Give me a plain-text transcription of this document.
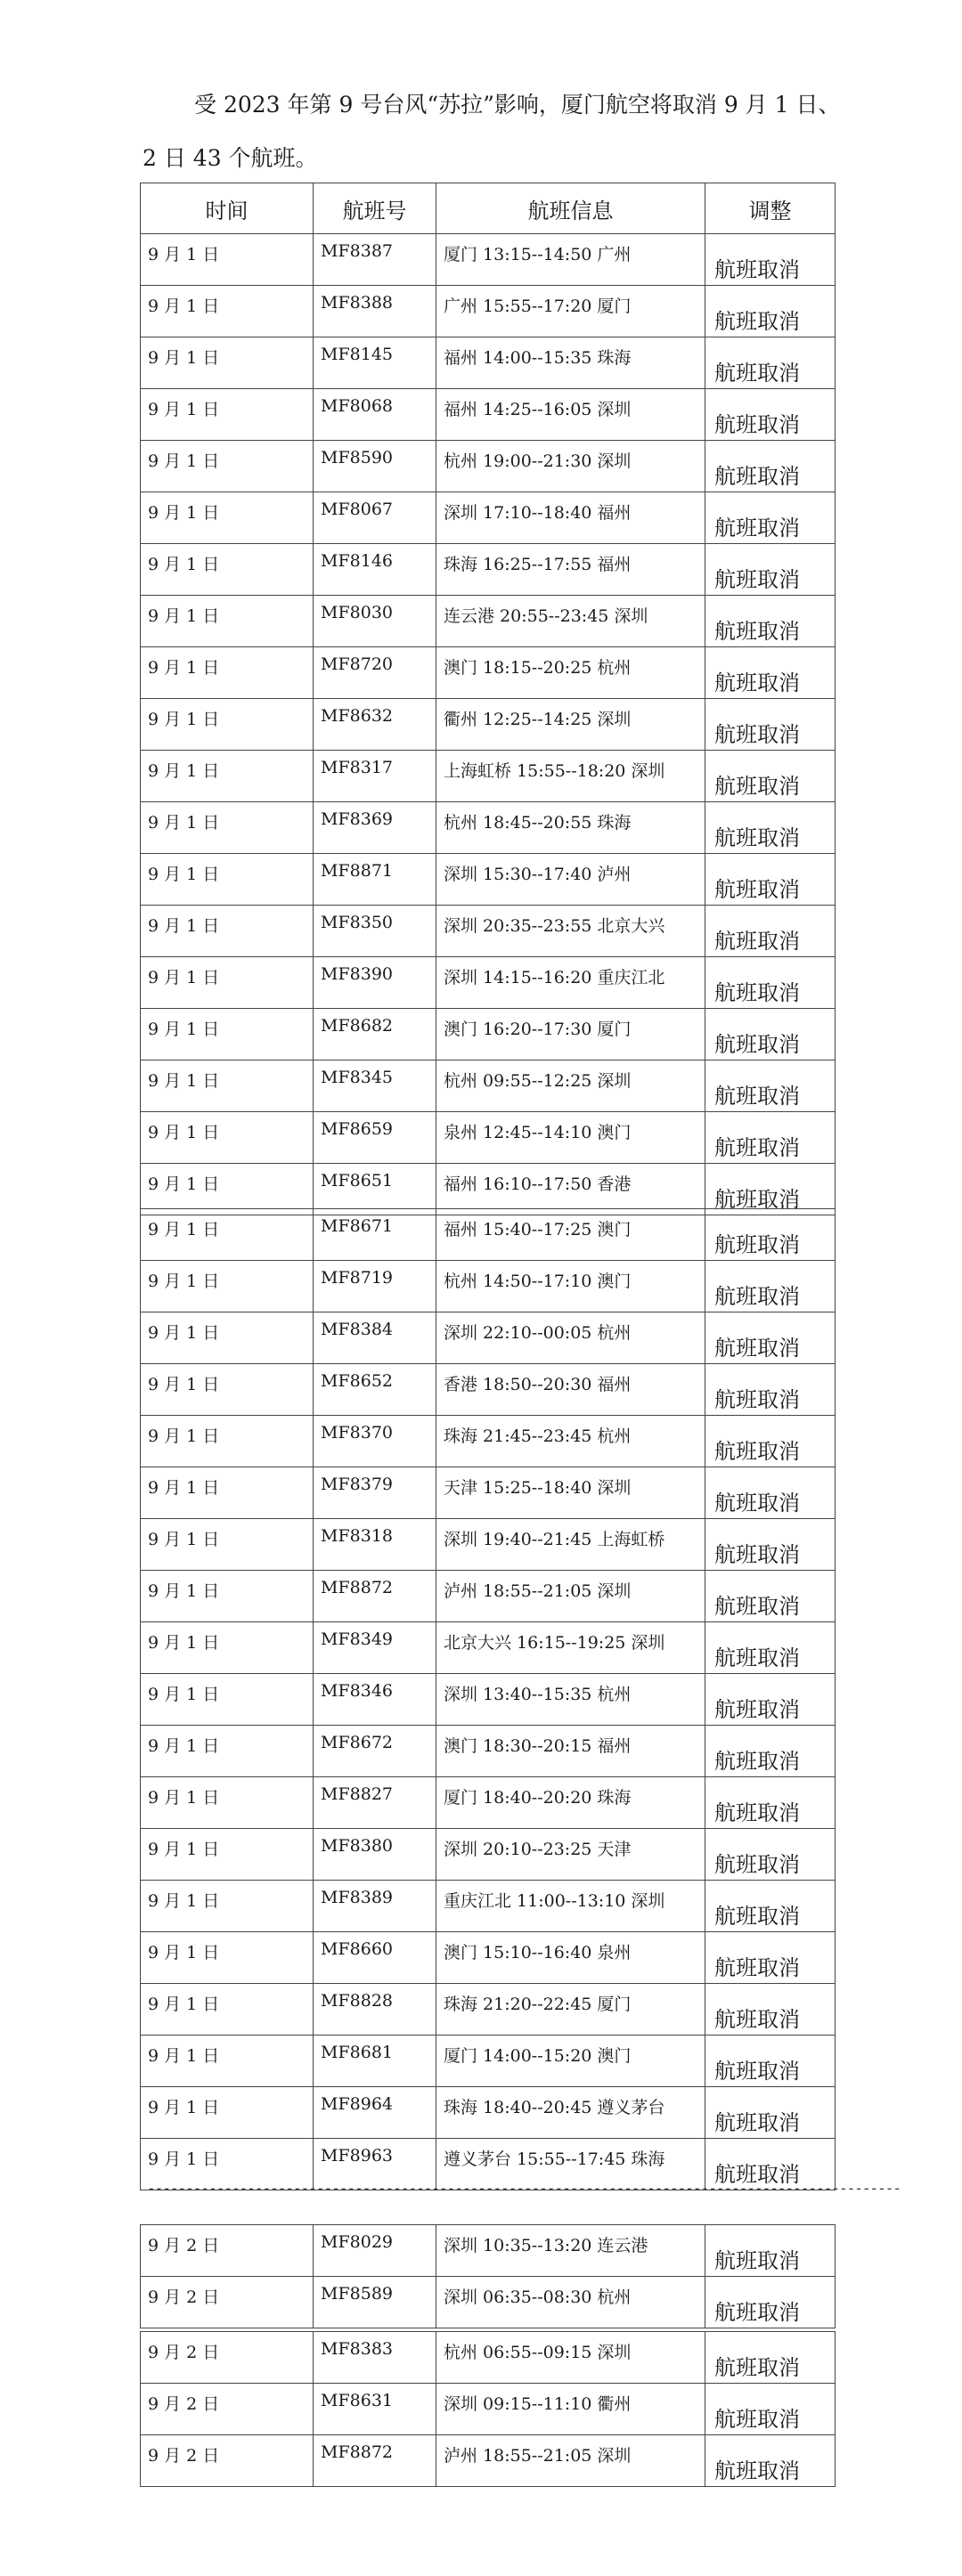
受 2023 年第 9 号台风“苏拉”影响，厦门航空将取消 9 月 1 日、
2 日 43 个航班。
时间	航班号	航班信息	调整

9 月 1 日	MF8387	厦门 13:15--14:50 广州	航班取消

9 月 1 日	MF8388	广州 15:55--17:20 厦门	航班取消

9 月 1 日	MF8145	福州 14:00--15:35 珠海	航班取消

9 月 1 日	MF8068	福州 14:25--16:05 深圳	航班取消

9 月 1 日	MF8590	杭州 19:00--21:30 深圳	航班取消

9 月 1 日	MF8067	深圳 17:10--18:40 福州	航班取消

9 月 1 日	MF8146	珠海 16:25--17:55 福州	航班取消

9 月 1 日	MF8030	连云港 20:55--23:45 深圳	航班取消

9 月 1 日	MF8720	澳门 18:15--20:25 杭州	航班取消

9 月 1 日	MF8632	衢州 12:25--14:25 深圳	航班取消

9 月 1 日	MF8317	上海虹桥 15:55--18:20 深圳	航班取消

9 月 1 日	MF8369	杭州 18:45--20:55 珠海	航班取消

9 月 1 日	MF8871	深圳 15:30--17:40 泸州	航班取消

9 月 1 日	MF8350	深圳 20:35--23:55 北京大兴	航班取消

9 月 1 日	MF8390	深圳 14:15--16:20 重庆江北	航班取消

9 月 1 日	MF8682	澳门 16:20--17:30 厦门	航班取消

9 月 1 日	MF8345	杭州 09:55--12:25 深圳	航班取消

9 月 1 日	MF8659	泉州 12:45--14:10 澳门	航班取消

9 月 1 日	MF8651	福州 16:10--17:50 香港	航班取消
9 月 1 日	MF8671	福州 15:40--17:25 澳门	航班取消

9 月 1 日	MF8719	杭州 14:50--17:10 澳门	航班取消

9 月 1 日	MF8384	深圳 22:10--00:05 杭州	航班取消

9 月 1 日	MF8652	香港 18:50--20:30 福州	航班取消

9 月 1 日	MF8370	珠海 21:45--23:45 杭州	航班取消

9 月 1 日	MF8379	天津 15:25--18:40 深圳	航班取消

9 月 1 日	MF8318	深圳 19:40--21:45 上海虹桥	航班取消

9 月 1 日	MF8872	泸州 18:55--21:05 深圳	航班取消

9 月 1 日	MF8349	北京大兴 16:15--19:25 深圳	航班取消

9 月 1 日	MF8346	深圳 13:40--15:35 杭州	航班取消

9 月 1 日	MF8672	澳门 18:30--20:15 福州	航班取消

9 月 1 日	MF8827	厦门 18:40--20:20 珠海	航班取消

9 月 1 日	MF8380	深圳 20:10--23:25 天津	航班取消

9 月 1 日	MF8389	重庆江北 11:00--13:10 深圳	航班取消

9 月 1 日	MF8660	澳门 15:10--16:40 泉州	航班取消

9 月 1 日	MF8828	珠海 21:20--22:45 厦门	航班取消

9 月 1 日	MF8681	厦门 14:00--15:20 澳门	航班取消

9 月 1 日	MF8964	珠海 18:40--20:45 遵义茅台	航班取消

9 月 1 日	MF8963	遵义茅台 15:55--17:45 珠海	航班取消
--------------------------------------------------------------------------------------------------
9 月 2 日	MF8029	深圳 10:35--13:20 连云港	航班取消

9 月 2 日	MF8589	深圳 06:35--08:30 杭州	航班取消
9 月 2 日	MF8383	杭州 06:55--09:15 深圳	航班取消

9 月 2 日	MF8631	深圳 09:15--11:10 衢州	航班取消

9 月 2 日	MF8872	泸州 18:55--21:05 深圳	航班取消
